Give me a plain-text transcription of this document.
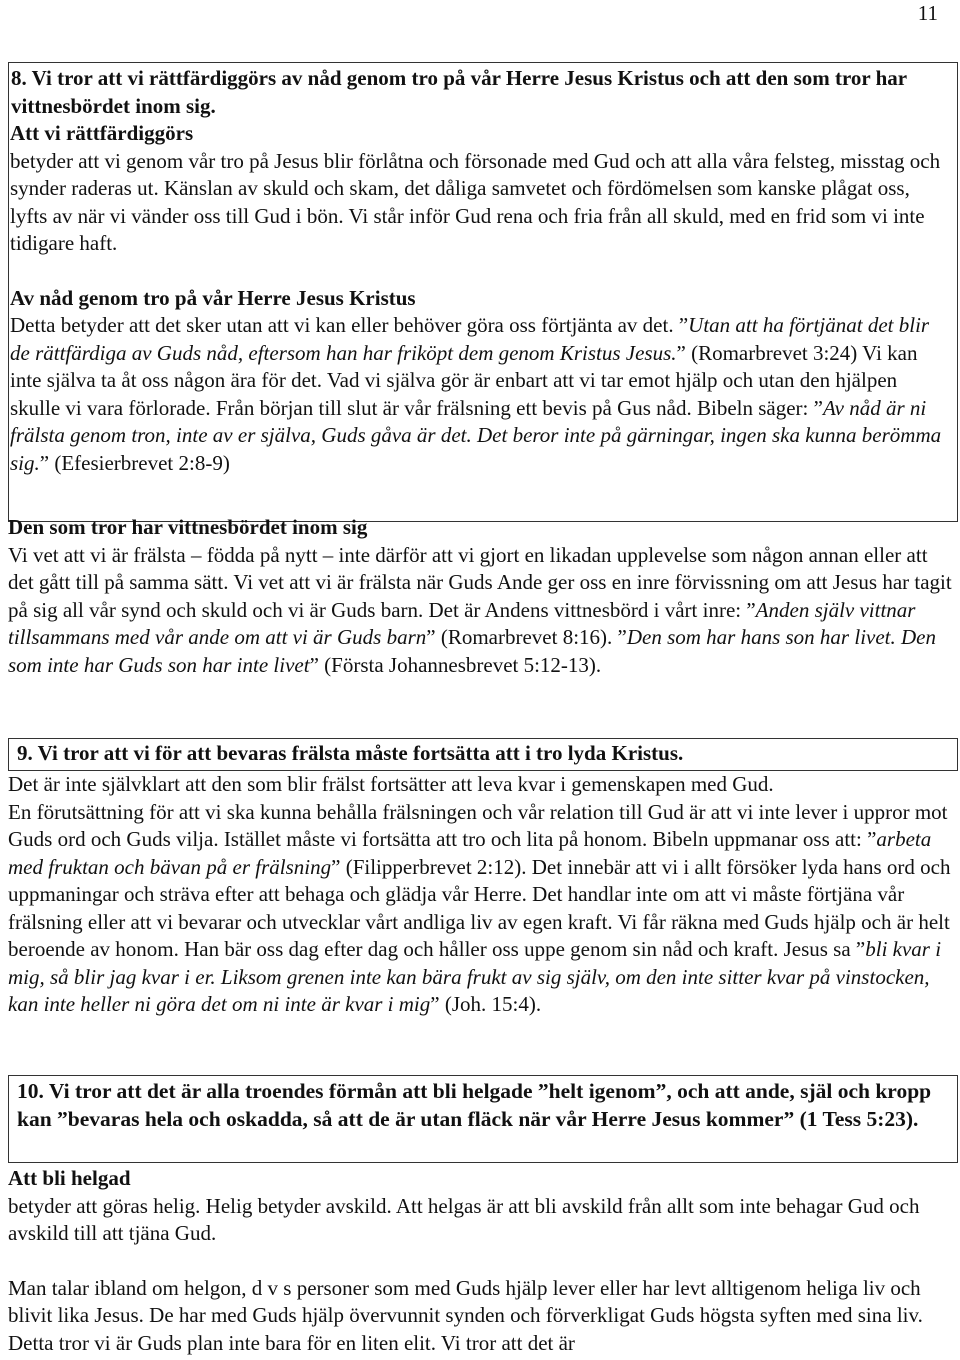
11

8. Vi tror att vi rättfärdiggörs av nåd genom tro på vår Herre Jesus Kristus och att den som tror har vittnesbördet inom sig.

Att vi rättfärdiggörs

betyder att vi genom vår tro på Jesus blir förlåtna och försonade med Gud och att alla våra felsteg, misstag och synder raderas ut. Känslan av skuld och skam, det dåliga samvetet och fördömelsen som kanske plågat oss, lyfts av när vi vänder oss till Gud i bön. Vi står inför Gud rena och fria från all skuld, med en frid som vi inte tidigare haft.

Av nåd genom tro på vår Herre Jesus Kristus

Detta betyder att det sker utan att vi kan eller behöver göra oss förtjänta av det. ”Utan att ha förtjänat det blir de rättfärdiga av Guds nåd, eftersom han har friköpt dem genom Kristus Jesus.” (Romarbrevet 3:24) Vi kan inte själva ta åt oss någon ära för det. Vad vi själva gör är enbart att vi tar emot hjälp och utan den hjälpen skulle vi vara förlorade. Från början till slut är vår frälsning ett bevis på Gus nåd. Bibeln säger: ”Av nåd är ni frälsta genom tron, inte av er själva, Guds gåva är det. Det beror inte på gärningar, ingen ska kunna berömma sig.” (Efesierbrevet 2:8-9)

Den som tror har vittnesbördet inom sig

Vi vet att vi är frälsta – födda på nytt – inte därför att vi gjort en likadan upplevelse som någon annan eller att det gått till på samma sätt. Vi vet att vi är frälsta när Guds Ande ger oss en inre förvissning om att Jesus har tagit på sig all vår synd och skuld och vi är Guds barn. Det är Andens vittnesbörd i vårt inre: ”Anden själv vittnar tillsammans med vår ande om att vi är Guds barn” (Romarbrevet 8:16). ”Den som har hans son har livet. Den som inte har Guds son har inte livet” (Första Johannesbrevet 5:12-13).

9. Vi tror att vi för att bevaras frälsta måste fortsätta att i tro lyda Kristus.

Det är inte självklart att den som blir frälst fortsätter att leva kvar i gemenskapen med Gud.

En förutsättning för att vi ska kunna behålla frälsningen och vår relation till Gud är att vi inte lever i uppror mot Guds ord och Guds vilja. Istället måste vi fortsätta att tro och lita på honom. Bibeln uppmanar oss att: ”arbeta med fruktan och bävan på er frälsning” (Filipperbrevet 2:12). Det innebär att vi i allt försöker lyda hans ord och uppmaningar och sträva efter att behaga och glädja vår Herre. Det handlar inte om att vi måste förtjäna vår frälsning eller att vi bevarar och utvecklar vårt andliga liv av egen kraft. Vi får räkna med Guds hjälp och är helt beroende av honom. Han bär oss dag efter dag och håller oss uppe genom sin nåd och kraft. Jesus sa ”bli kvar i mig, så blir jag kvar i er. Liksom grenen inte kan bära frukt av sig själv, om den inte sitter kvar på vinstocken, kan inte heller ni göra det om ni inte är kvar i mig” (Joh. 15:4).

10. Vi tror att det är alla troendes förmån att bli helgade ”helt igenom”, och att ande, själ och kropp kan ”bevaras hela och oskadda, så att de är utan fläck när vår Herre Jesus kommer” (1 Tess 5:23).

Att bli helgad

betyder att göras helig. Helig betyder avskild. Att helgas är att bli avskild från allt som inte behagar Gud och avskild till att tjäna Gud.

Man talar ibland om helgon, d v s personer som med Guds hjälp lever eller har levt alltigenom heliga liv och blivit lika Jesus. De har med Guds hjälp övervunnit synden och förverkligat Guds högsta syften med sina liv. Detta tror vi är Guds plan inte bara för en liten elit. Vi tror att det är
